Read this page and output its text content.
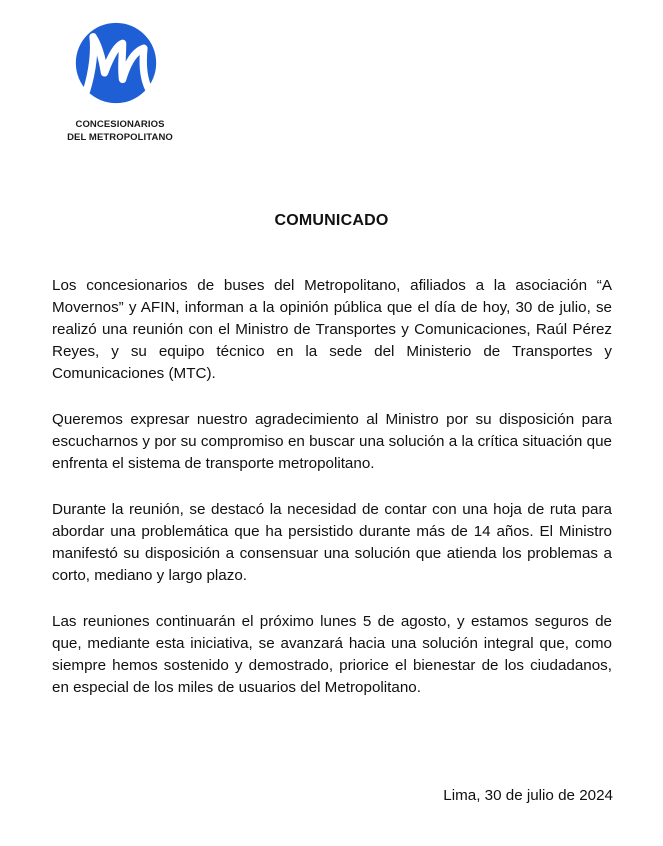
CONCESIONARIOS
DEL METROPOLITANO
COMUNICADO

Los concesionarios de buses del Metropolitano, afiliados a la asociación “A Movernos” y AFIN, informan a la opinión pública que el día de hoy, 30 de julio, se realizó una reunión con el Ministro de Transportes y Comunicaciones, Raúl Pérez Reyes, y su equipo técnico en la sede del Ministerio de Transportes y Comunicaciones (MTC).

Queremos expresar nuestro agradecimiento al Ministro por su disposición para escucharnos y por su compromiso en buscar una solución a la crítica situación que enfrenta el sistema de transporte metropolitano.

Durante la reunión, se destacó la necesidad de contar con una hoja de ruta para abordar una problemática que ha persistido durante más de 14 años. El Ministro manifestó su disposición a consensuar una solución que atienda los problemas a corto, mediano y largo plazo.

Las reuniones continuarán el próximo lunes 5 de agosto, y estamos seguros de que, mediante esta iniciativa, se avanzará hacia una solución integral que, como siempre hemos sostenido y demostrado, priorice el bienestar de los ciudadanos, en especial de los miles de usuarios del Metropolitano.

Lima, 30 de julio de 2024
